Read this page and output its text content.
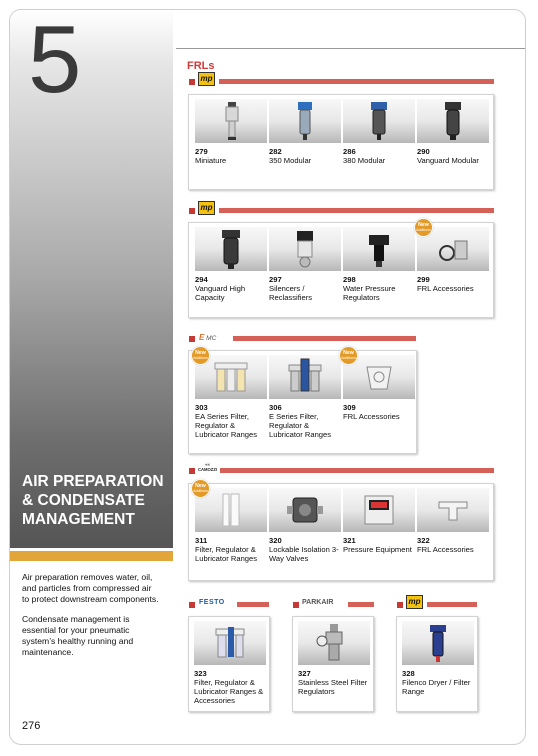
5
AIR PREPARATION
& CONDENSATE
MANAGEMENT

Air preparation removes water, oil, and particles from compressed air to protect downstream components.

Condensate management is essential for your pneumatic system’s healthy running and maintenance.

276
FRLs
mp
279
Miniature
282
350 Modular
286
380 Modular
290
Vanguard Modular
mp
New
Additions
294
Vanguard High Capacity
297
Silencers / Reclassifiers
298
Water Pressure Regulators
299
FRL Accessories
E MC
New
Additions
New
Additions
303
EA Series Filter, Regulator & Lubricator Ranges
306
E Series Filter, Regulator & Lubricator Ranges
309
FRL Accessories
««
CAMOZZI
New
Additions
311
Filter, Regulator & Lubricator Ranges
320
Lockable Isolation 3-Way Valves
321
Pressure Equipment
322
FRL Accessories
FESTO
323
Filter, Regulator & Lubricator Ranges & Accessories
PARKAIR
327
Stainless Steel Filter Regulators
mp
328
Filenco Dryer / Filter Range
